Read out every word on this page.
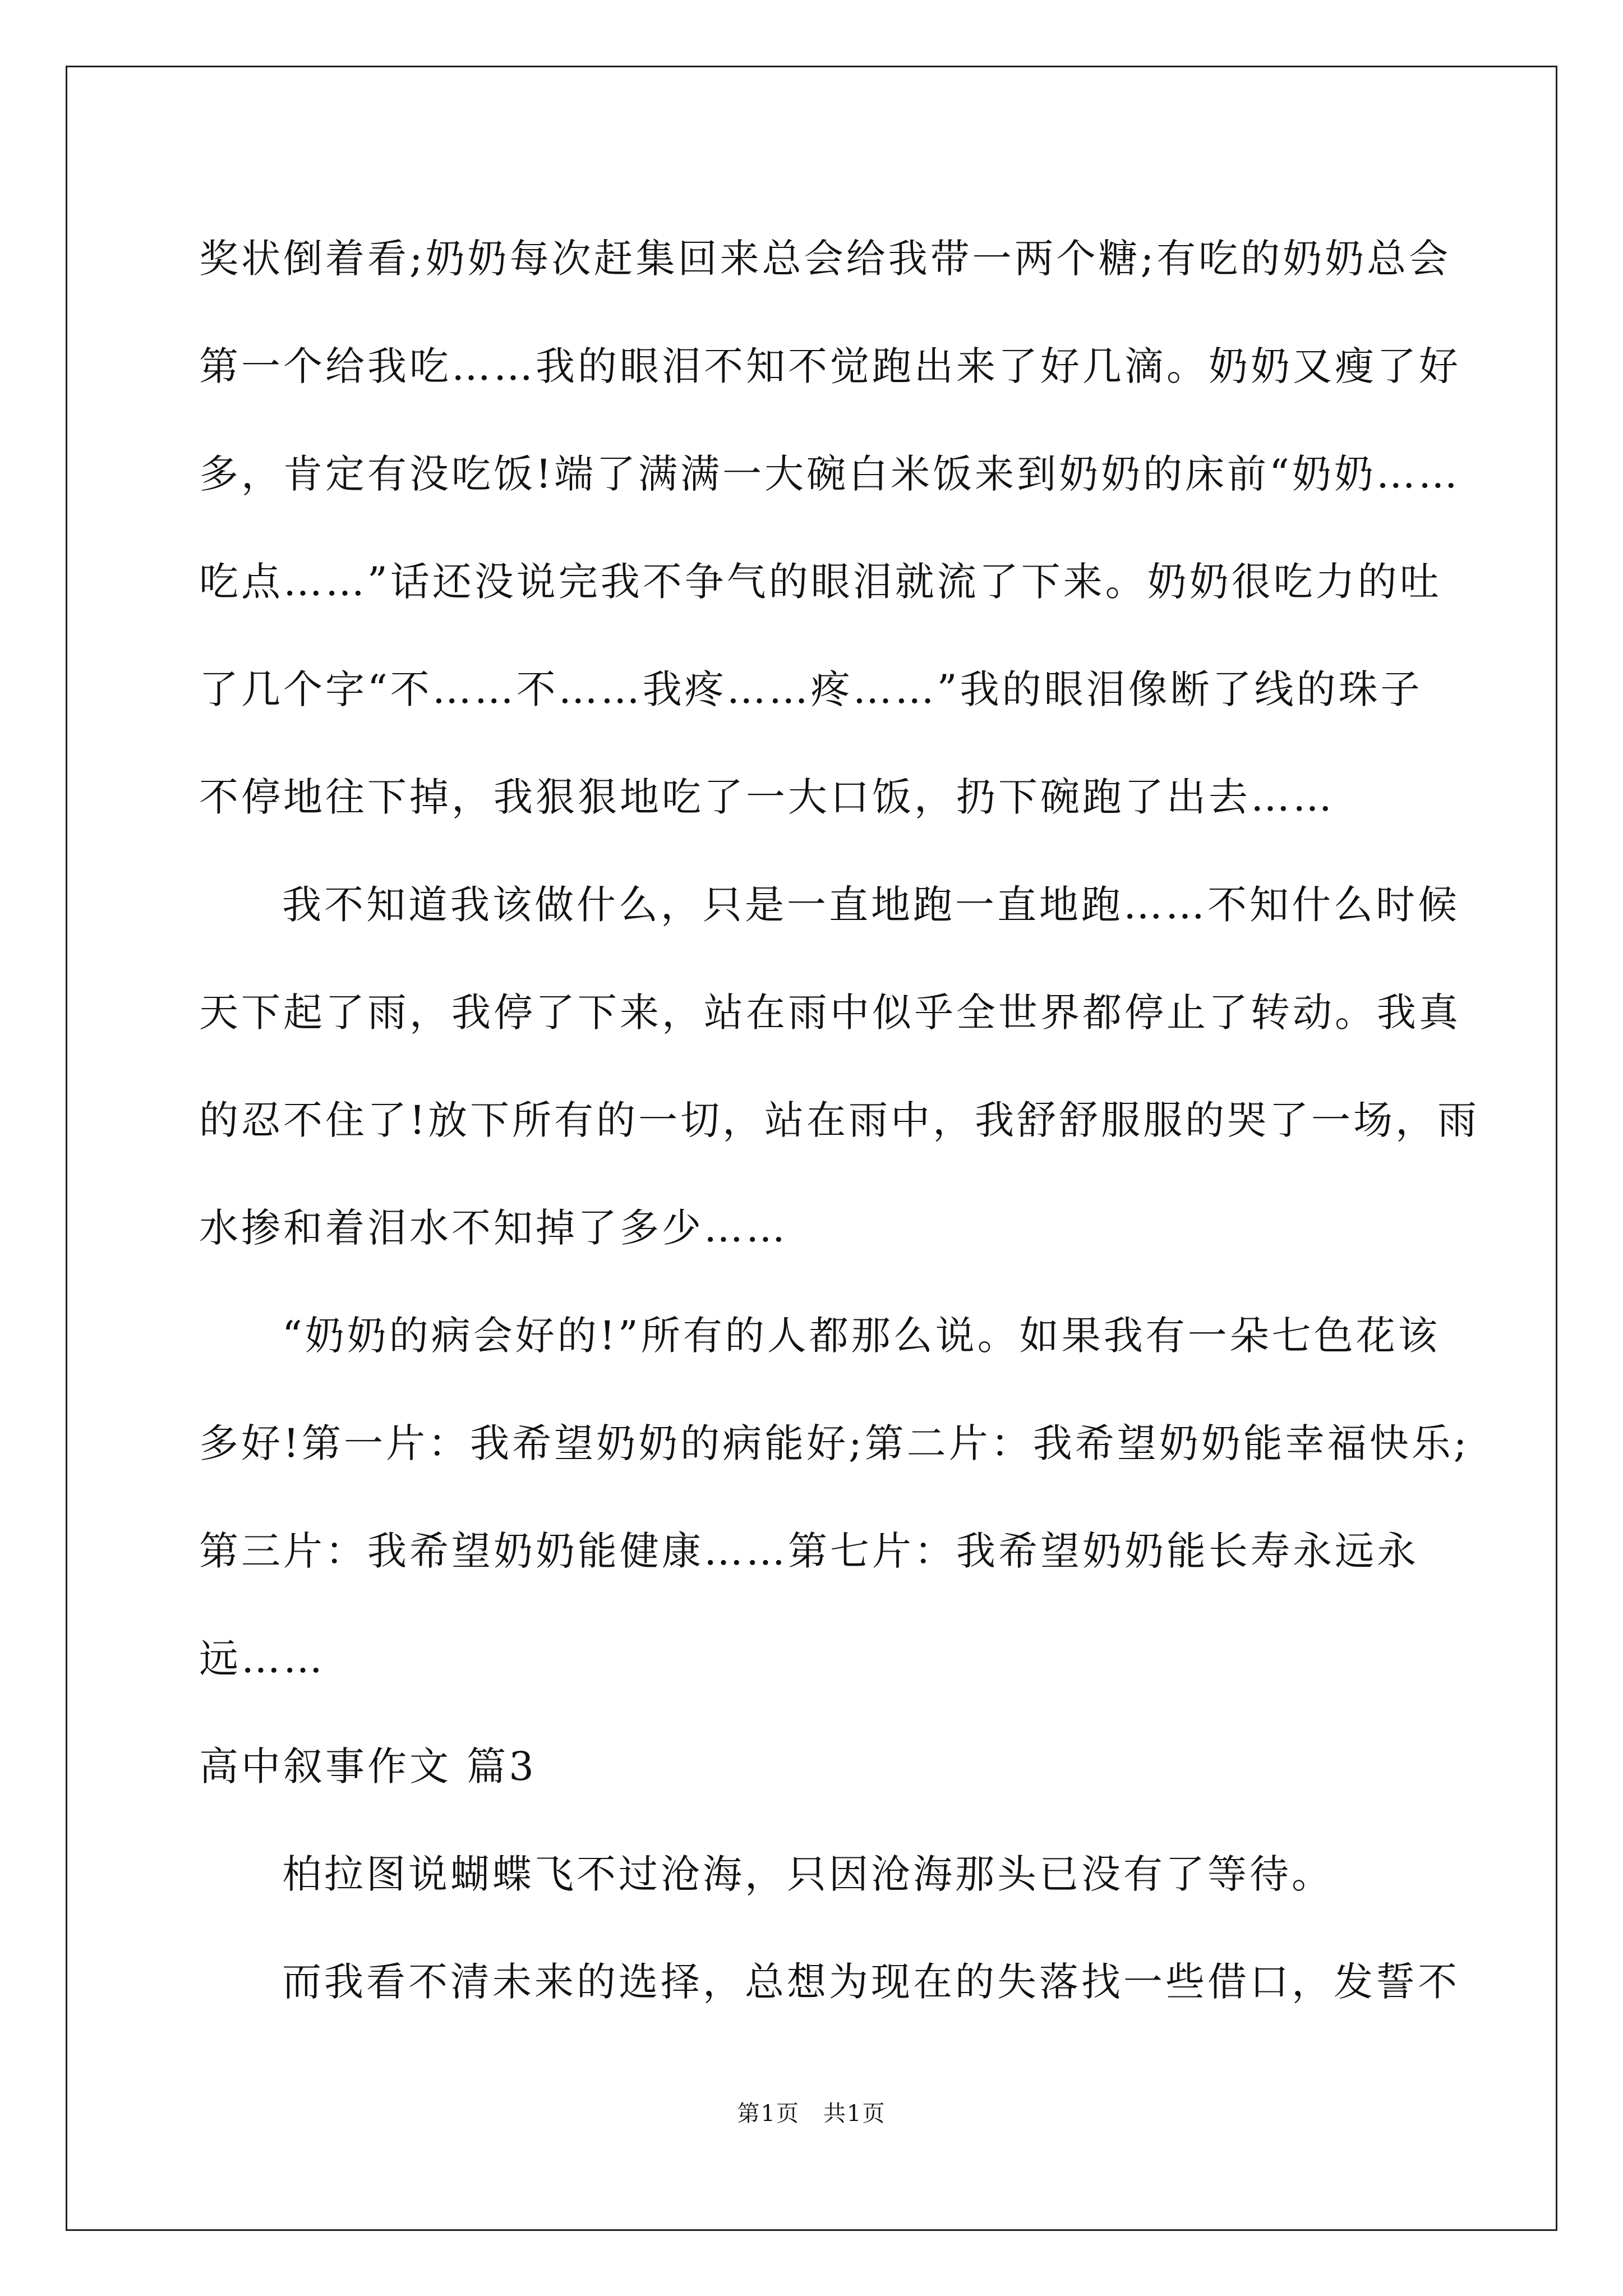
奖状倒着看;奶奶每次赶集回来总会给我带一两个糖;有吃的奶奶总会
第一个给我吃……我的眼泪不知不觉跑出来了好几滴。奶奶又瘦了好
多，肯定有没吃饭!端了满满一大碗白米饭来到奶奶的床前“奶奶……
吃点……”话还没说完我不争气的眼泪就流了下来。奶奶很吃力的吐
了几个字“不……不……我疼……疼……”我的眼泪像断了线的珠子
不停地往下掉，我狠狠地吃了一大口饭，扔下碗跑了出去……
我不知道我该做什么，只是一直地跑一直地跑……不知什么时候
天下起了雨，我停了下来，站在雨中似乎全世界都停止了转动。我真
的忍不住了!放下所有的一切，站在雨中，我舒舒服服的哭了一场，雨
水掺和着泪水不知掉了多少……
“奶奶的病会好的!”所有的人都那么说。如果我有一朵七色花该
多好!第一片：我希望奶奶的病能好;第二片：我希望奶奶能幸福快乐;
第三片：我希望奶奶能健康……第七片：我希望奶奶能长寿永远永
远……
高中叙事作文 篇3
柏拉图说蝴蝶飞不过沧海，只因沧海那头已没有了等待。
而我看不清未来的选择，总想为现在的失落找一些借口，发誓不
第1页　共1页
